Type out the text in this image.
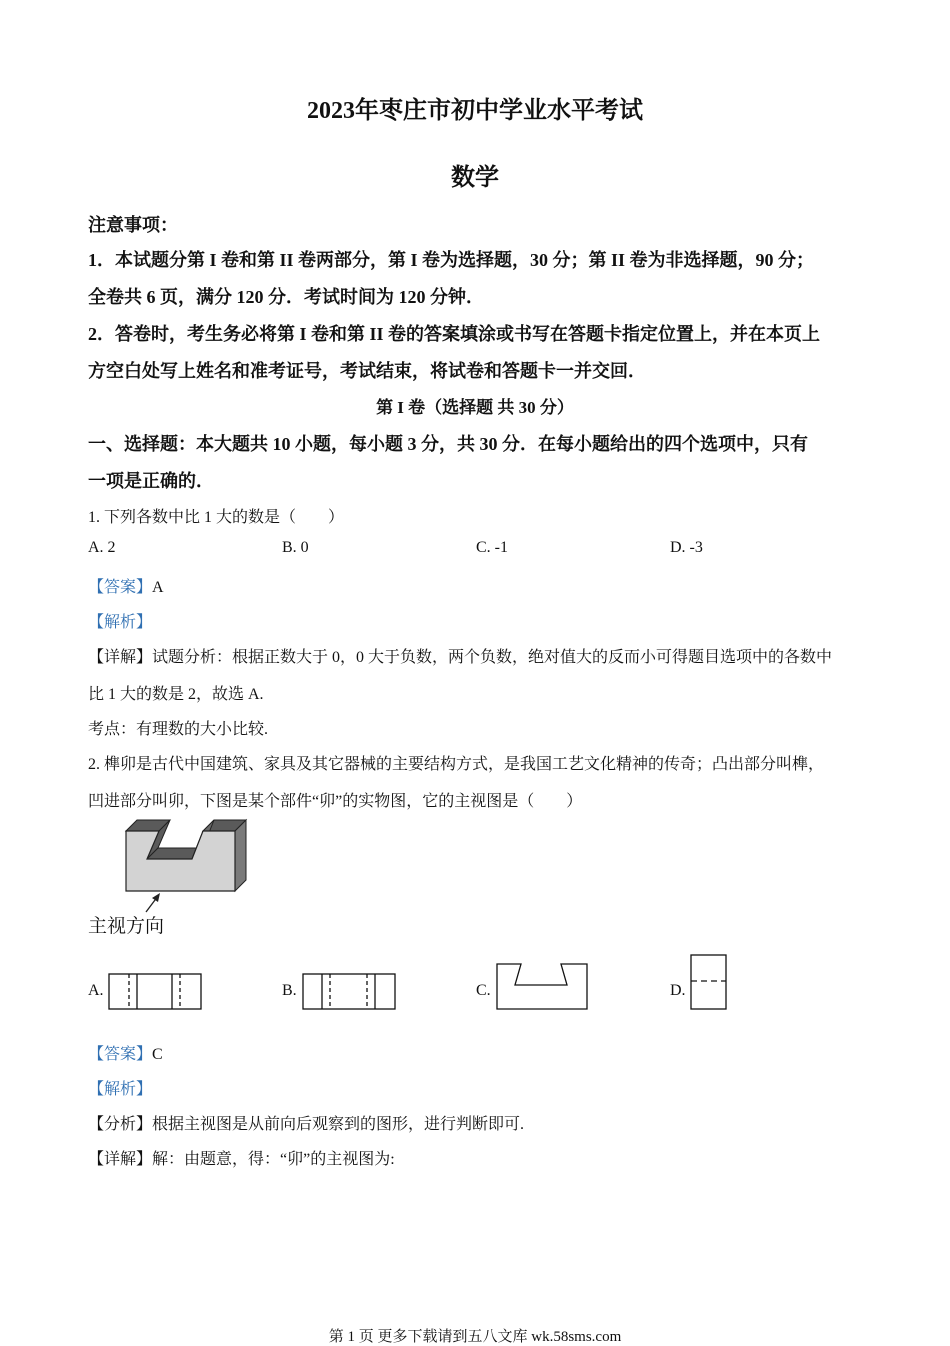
2023年枣庄市初中学业水平考试
数学
注意事项：
1．本试题分第 I 卷和第 II 卷两部分，第 I 卷为选择题，30 分；第 II 卷为非选择题，90 分；
全卷共 6 页，满分 120 分．考试时间为 120 分钟．
2．答卷时，考生务必将第 I 卷和第 II 卷的答案填涂或书写在答题卡指定位置上，并在本页上
方空白处写上姓名和准考证号，考试结束，将试卷和答题卡一并交回．
第 I 卷（选择题 共 30 分）
一、选择题：本大题共 10 小题，每小题 3 分，共 30 分．在每小题给出的四个选项中，只有
一项是正确的．
1. 下列各数中比 1 大的数是（　　）
A. 2	B. 0	C. -1	D. -3
【答案】A
【解析】
【详解】试题分析：根据正数大于 0，0 大于负数，两个负数，绝对值大的反而小可得题目选项中的各数中
比 1 大的数是 2，故选 A.
考点：有理数的大小比较.
2. 榫卯是古代中国建筑、家具及其它器械的主要结构方式，是我国工艺文化精神的传奇；凸出部分叫榫，
凹进部分叫卯，下图是某个部件“卯”的实物图，它的主视图是（　　）
主视方向
A.	B.	C.	D.
【答案】C
【解析】
【分析】根据主视图是从前向后观察到的图形，进行判断即可.
【详解】解：由题意，得：“卯”的主视图为:
第 1 页 更多下载请到五八文库 wk.58sms.com
